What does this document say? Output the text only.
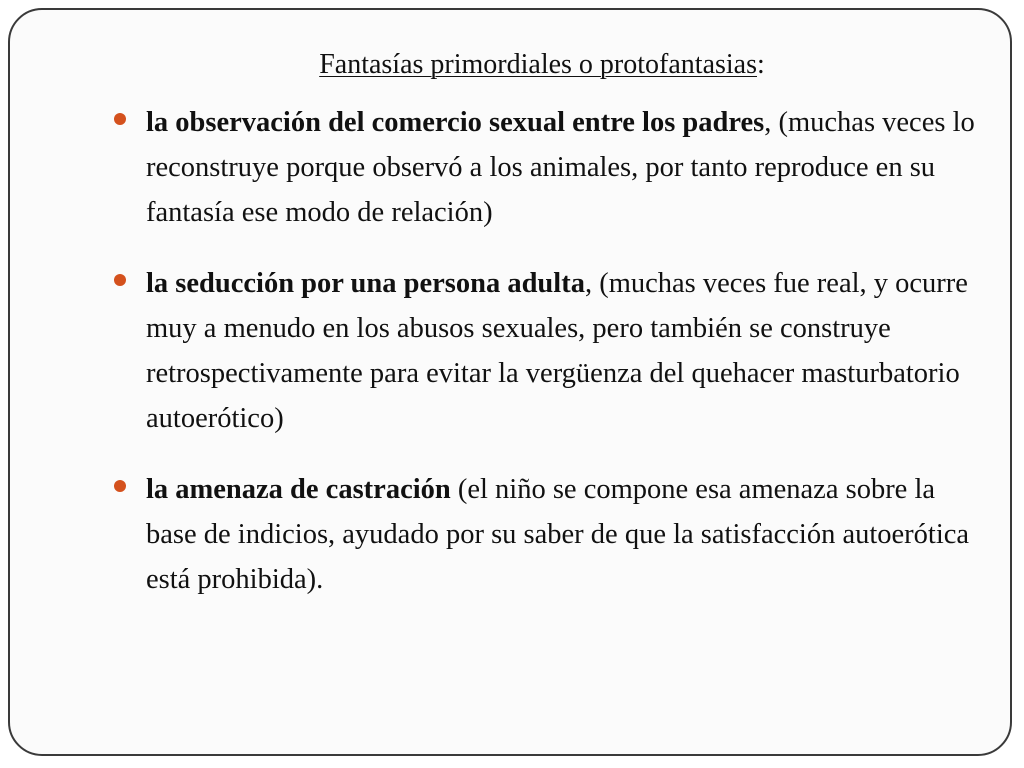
Fantasías primordiales o protofantasias:
la observación del comercio sexual entre los padres, (muchas veces lo reconstruye porque observó a los animales, por tanto reproduce en su fantasía ese modo de relación)
la seducción por una persona adulta, (muchas veces fue real, y ocurre muy a menudo en los abusos sexuales, pero también se construye retrospectivamente para evitar la vergüenza del quehacer masturbatorio autoerótico)
la amenaza de castración (el niño se compone esa amenaza sobre la base de indicios, ayudado por su saber de que la satisfacción autoerótica está prohibida).
